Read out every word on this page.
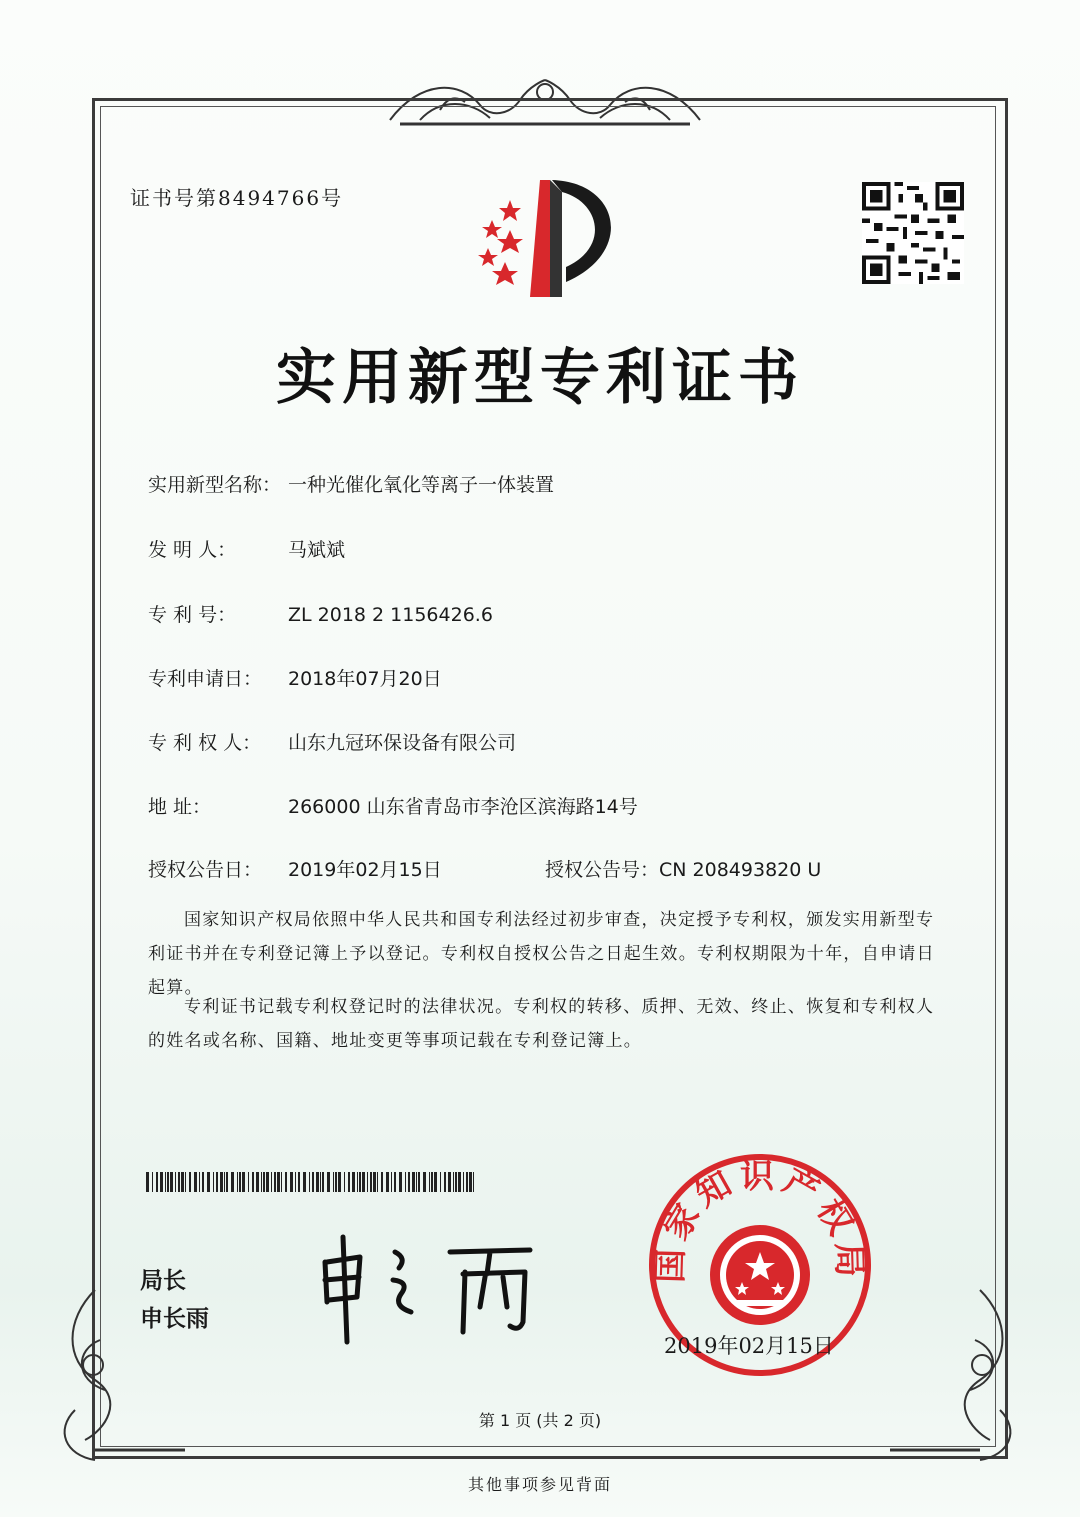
证书号第8494766号
实用新型专利证书
实用新型名称： 一种光催化氧化等离子一体装置
发 明 人：	马斌斌
专 利 号：	ZL 2018 2 1156426.6
专利申请日： 2018年07月20日
专 利 权 人： 山东九冠环保设备有限公司
地 址：	266000 山东省青岛市李沧区滨海路14号
授权公告日： 2019年02月15日	授权公告号：CN 208493820 U
国家知识产权局依照中华人民共和国专利法经过初步审查，决定授予专利权，颁发实用新型专利证书并在专利登记簿上予以登记。专利权自授权公告之日起生效。专利权期限为十年，自申请日起算。
专利证书记载专利权登记时的法律状况。专利权的转移、质押、无效、终止、恢复和专利权人的姓名或名称、国籍、地址变更等事项记载在专利登记簿上。
局长
申长雨
国家知识产权局
2019年02月15日
第 1 页 (共 2 页)
其他事项参见背面
